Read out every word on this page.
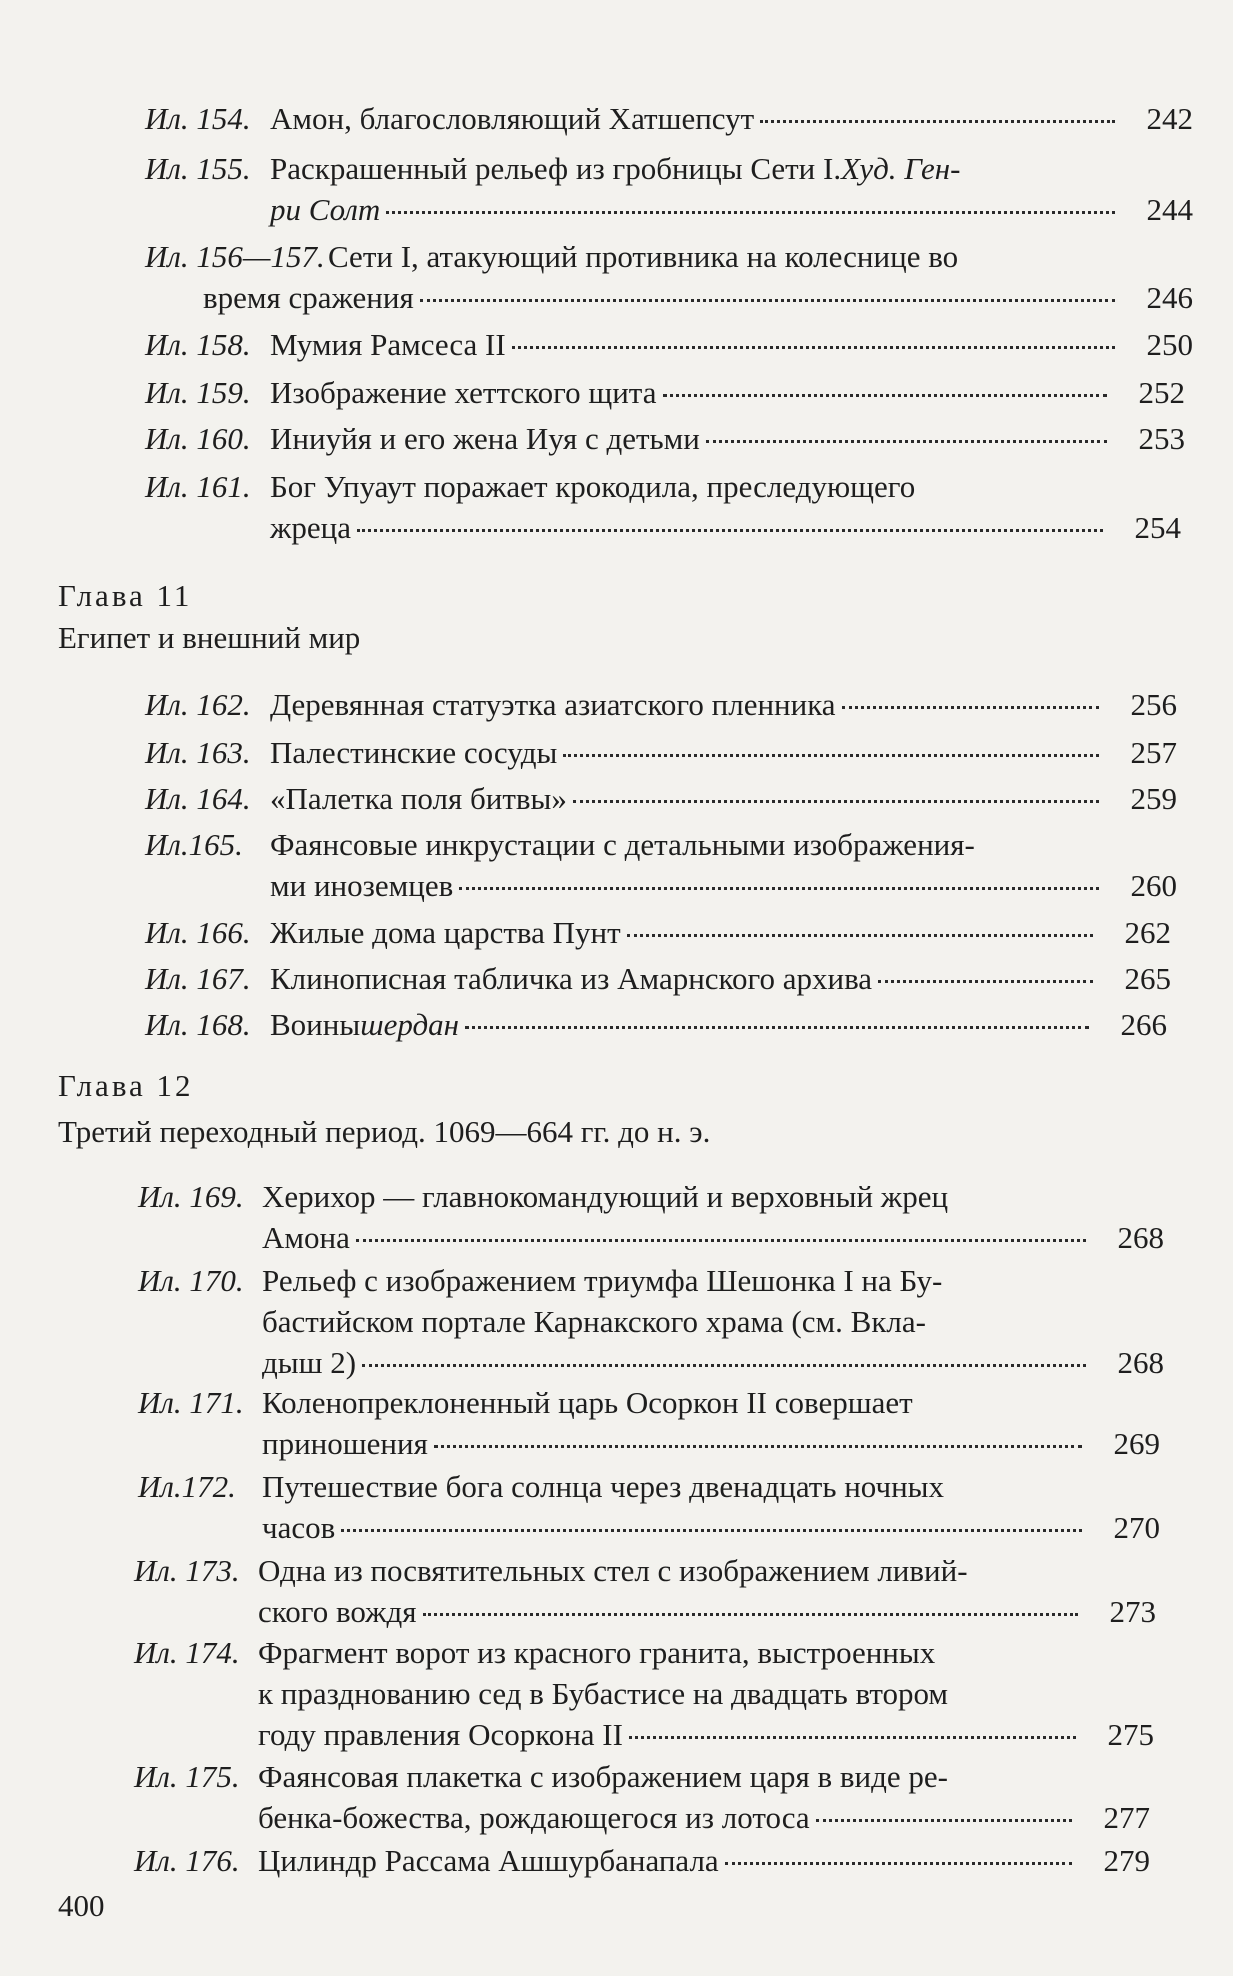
Ил. 154. Амон, благословляющий Хатшепсут	242
Ил. 155. Раскрашенный рельеф из гробницы Сети I. Худ. Ген-
ри Солт	244
Ил. 156—157. Сети I, атакующий противника на колеснице во
время сражения	246
Ил. 158. Мумия Рамсеса II	250
Ил. 159. Изображение хеттского щита	252
Ил. 160. Иниуйя и его жена Иуя с детьми	253
Ил. 161. Бог Упуаут поражает крокодила, преследующего
жреца	254
Глава 11
Египет и внешний мир
Ил. 162. Деревянная статуэтка азиатского пленника	256
Ил. 163. Палестинские сосуды	257
Ил. 164. «Палетка поля битвы»	259
Ил.165. Фаянсовые инкрустации с детальными изображения-
ми иноземцев	260
Ил. 166. Жилые дома царства Пунт	262
Ил. 167. Клинописная табличка из Амарнского архива	265
Ил. 168. Воины шердан	266
Глава 12
Третий переходный период. 1069—664 гг. до н. э.
Ил. 169. Херихор — главнокомандующий и верховный жрец
Амона	268
Ил. 170. Рельеф с изображением триумфа Шешонка I на Бу-
бастийском портале Карнакского храма (см. Вкла-
дыш 2)	268
Ил. 171. Коленопреклоненный царь Осоркон II совершает
приношения	269
Ил.172. Путешествие бога солнца через двенадцать ночных
часов	270
Ил. 173. Одна из посвятительных стел с изображением ливий-
ского вождя	273
Ил. 174. Фрагмент ворот из красного гранита, выстроенных
к празднованию сед в Бубастисе на двадцать втором
году правления Осоркона II	275
Ил. 175. Фаянсовая плакетка с изображением царя в виде ре-
бенка-божества, рождающегося из лотоса	277
Ил. 176. Цилиндр Рассама Ашшурбанапала	279
400
